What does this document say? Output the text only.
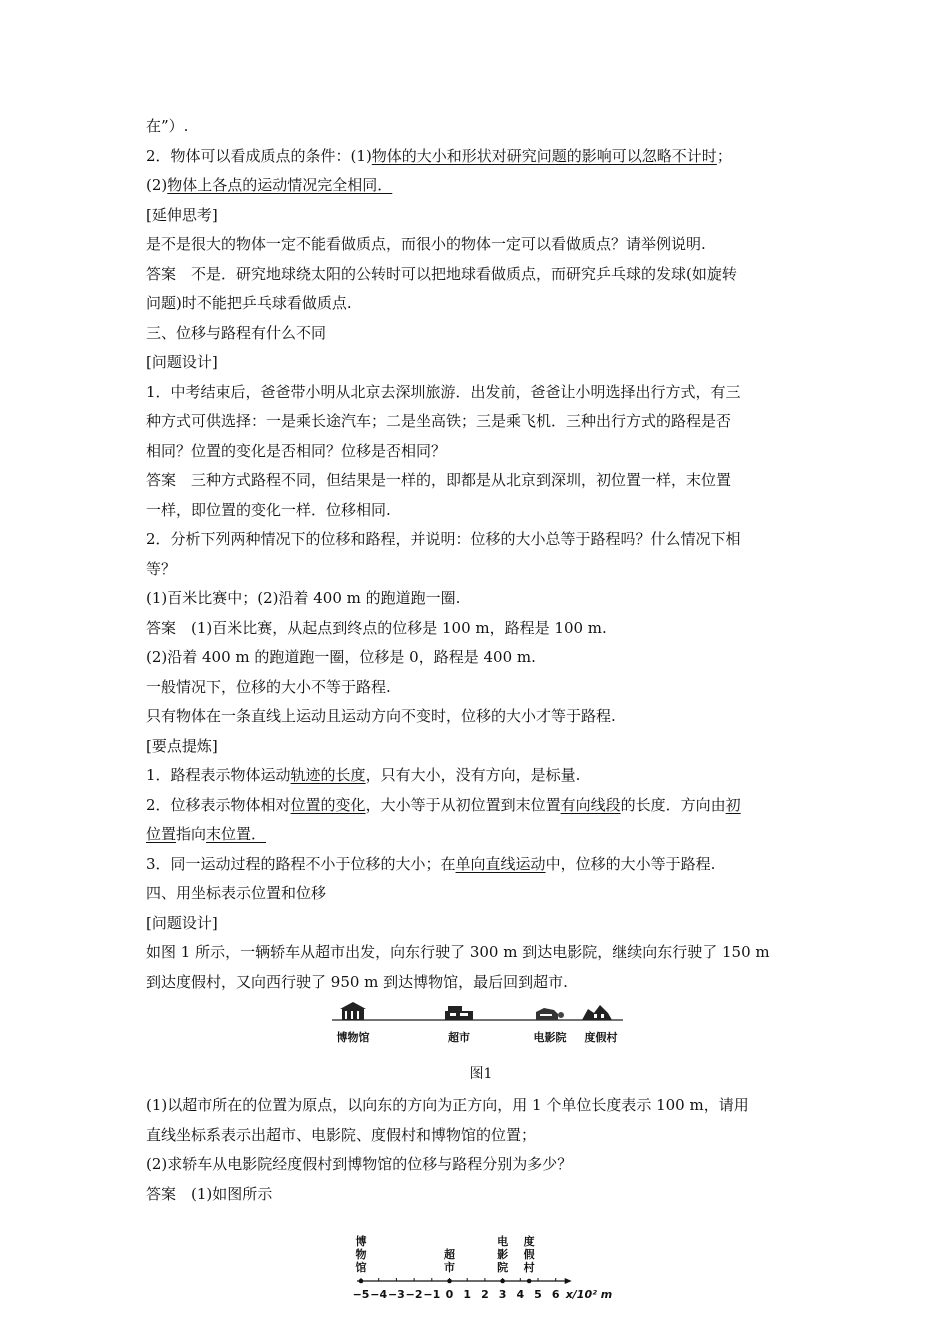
在”）.
2．物体可以看成质点的条件：(1)物体的大小和形状对研究问题的影响可以忽略不计时；
(2)物体上各点的运动情况完全相同．
[延伸思考]
是不是很大的物体一定不能看做质点，而很小的物体一定可以看做质点？请举例说明.
答案　不是．研究地球绕太阳的公转时可以把地球看做质点，而研究乒乓球的发球(如旋转
问题)时不能把乒乓球看做质点.
三、位移与路程有什么不同
[问题设计]
1．中考结束后，爸爸带小明从北京去深圳旅游．出发前，爸爸让小明选择出行方式，有三
种方式可供选择：一是乘长途汽车；二是坐高铁；三是乘飞机．三种出行方式的路程是否
相同？位置的变化是否相同？位移是否相同？
答案　三种方式路程不同，但结果是一样的，即都是从北京到深圳，初位置一样，末位置
一样，即位置的变化一样．位移相同.
2．分析下列两种情况下的位移和路程，并说明：位移的大小总等于路程吗？什么情况下相
等？
(1)百米比赛中；(2)沿着 400 m 的跑道跑一圈.
答案　(1)百米比赛，从起点到终点的位移是 100 m，路程是 100 m.
(2)沿着 400 m 的跑道跑一圈，位移是 0，路程是 400 m.
一般情况下，位移的大小不等于路程.
只有物体在一条直线上运动且运动方向不变时，位移的大小才等于路程.
[要点提炼]
1．路程表示物体运动轨迹的长度，只有大小，没有方向，是标量.
2．位移表示物体相对位置的变化，大小等于从初位置到末位置有向线段的长度．方向由初
位置指向末位置．
3．同一运动过程的路程不小于位移的大小；在单向直线运动中，位移的大小等于路程.
四、用坐标表示位置和位移
[问题设计]
如图 1 所示，一辆轿车从超市出发，向东行驶了 300 m 到达电影院，继续向东行驶了 150 m
到达度假村，又向西行驶了 950 m 到达博物馆，最后回到超市.
博物馆	超市	电影院 度假村
图1
(1)以超市所在的位置为原点，以向东的方向为正方向，用 1 个单位长度表示 100 m，请用
直线坐标系表示出超市、电影院、度假村和博物馆的位置；
(2)求轿车从电影院经度假村到博物馆的位移与路程分别为多少？
答案　(1)如图所示
−5 −4 −3 −2 −1 0 1 2 3 4 5 6 x/10² m
博
物
馆
超
市
电
影
院
度
假
村
